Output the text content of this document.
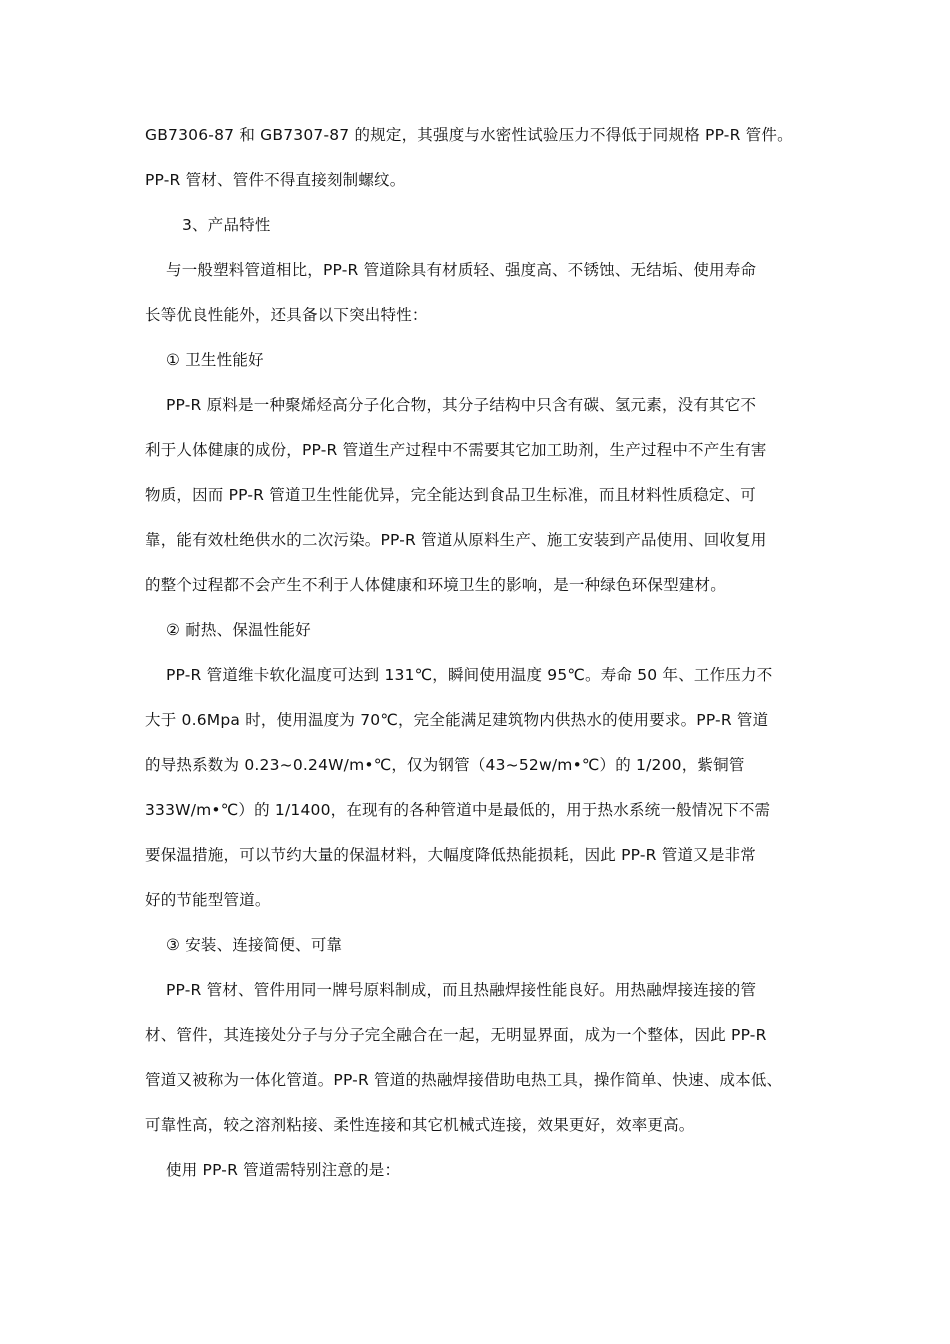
GB7306-87 和 GB7307-87 的规定，其强度与水密性试验压力不得低于同规格 PP-R 管件。
PP-R 管材、管件不得直接刻制螺纹。
3、产品特性
与一般塑料管道相比，PP-R 管道除具有材质轻、强度高、不锈蚀、无结垢、使用寿命
长等优良性能外，还具备以下突出特性：
① 卫生性能好
PP-R 原料是一种聚烯烃高分子化合物，其分子结构中只含有碳、氢元素，没有其它不
利于人体健康的成份，PP-R 管道生产过程中不需要其它加工助剂，生产过程中不产生有害
物质，因而 PP-R 管道卫生性能优异，完全能达到食品卫生标准，而且材料性质稳定、可
靠，能有效杜绝供水的二次污染。PP-R 管道从原料生产、施工安装到产品使用、回收复用
的整个过程都不会产生不利于人体健康和环境卫生的影响，是一种绿色环保型建材。
② 耐热、保温性能好
PP-R 管道维卡软化温度可达到 131℃，瞬间使用温度 95℃。寿命 50 年、工作压力不
大于 0.6Mpa 时，使用温度为 70℃，完全能满足建筑物内供热水的使用要求。PP-R 管道
的导热系数为 0.23~0.24W/m•℃，仅为钢管（43~52w/m•℃）的 1/200，紫铜管
333W/m•℃）的 1/1400，在现有的各种管道中是最低的，用于热水系统一般情况下不需
要保温措施，可以节约大量的保温材料，大幅度降低热能损耗，因此 PP-R 管道又是非常
好的节能型管道。
③ 安装、连接简便、可靠
PP-R 管材、管件用同一牌号原料制成，而且热融焊接性能良好。用热融焊接连接的管
材、管件，其连接处分子与分子完全融合在一起，无明显界面，成为一个整体，因此 PP-R
管道又被称为一体化管道。PP-R 管道的热融焊接借助电热工具，操作简单、快速、成本低、
可靠性高，较之溶剂粘接、柔性连接和其它机械式连接，效果更好，效率更高。
使用 PP-R 管道需特别注意的是：
